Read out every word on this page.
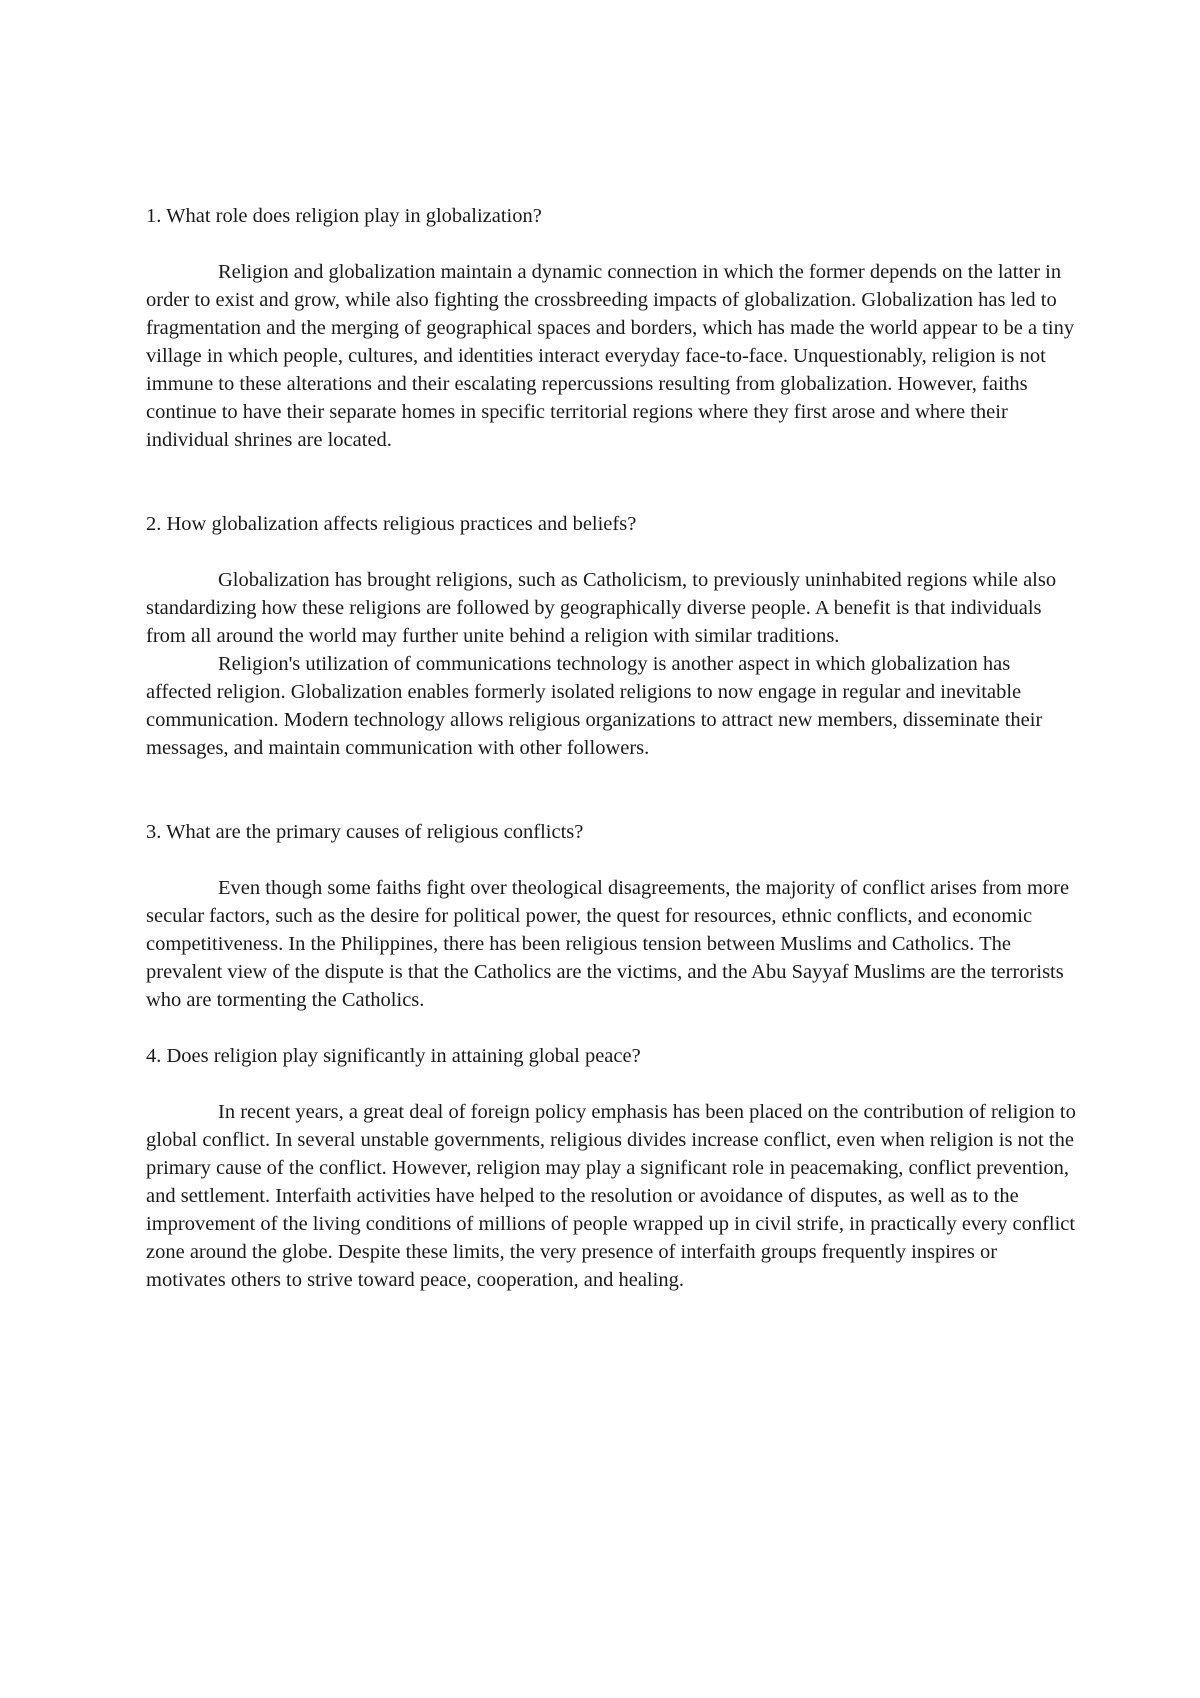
1. What role does religion play in globalization?

Religion and globalization maintain a dynamic connection in which the former depends on the latter in order to exist and grow, while also fighting the crossbreeding impacts of globalization. Globalization has led to fragmentation and the merging of geographical spaces and borders, which has made the world appear to be a tiny village in which people, cultures, and identities interact everyday face-to-face. Unquestionably, religion is not immune to these alterations and their escalating repercussions resulting from globalization. However, faiths continue to have their separate homes in specific territorial regions where they first arose and where their individual shrines are located.

2. How globalization affects religious practices and beliefs?

Globalization has brought religions, such as Catholicism, to previously uninhabited regions while also standardizing how these religions are followed by geographically diverse people. A benefit is that individuals from all around the world may further unite behind a religion with similar traditions.

Religion's utilization of communications technology is another aspect in which globalization has affected religion. Globalization enables formerly isolated religions to now engage in regular and inevitable communication. Modern technology allows religious organizations to attract new members, disseminate their messages, and maintain communication with other followers.

3. What are the primary causes of religious conflicts?

Even though some faiths fight over theological disagreements, the majority of conflict arises from more secular factors, such as the desire for political power, the quest for resources, ethnic conflicts, and economic competitiveness. In the Philippines, there has been religious tension between Muslims and Catholics. The prevalent view of the dispute is that the Catholics are the victims, and the Abu Sayyaf Muslims are the terrorists who are tormenting the Catholics.

4. Does religion play significantly in attaining global peace?

In recent years, a great deal of foreign policy emphasis has been placed on the contribution of religion to global conflict. In several unstable governments, religious divides increase conflict, even when religion is not the primary cause of the conflict. However, religion may play a significant role in peacemaking, conflict prevention, and settlement. Interfaith activities have helped to the resolution or avoidance of disputes, as well as to the improvement of the living conditions of millions of people wrapped up in civil strife, in practically every conflict zone around the globe. Despite these limits, the very presence of interfaith groups frequently inspires or motivates others to strive toward peace, cooperation, and healing.
